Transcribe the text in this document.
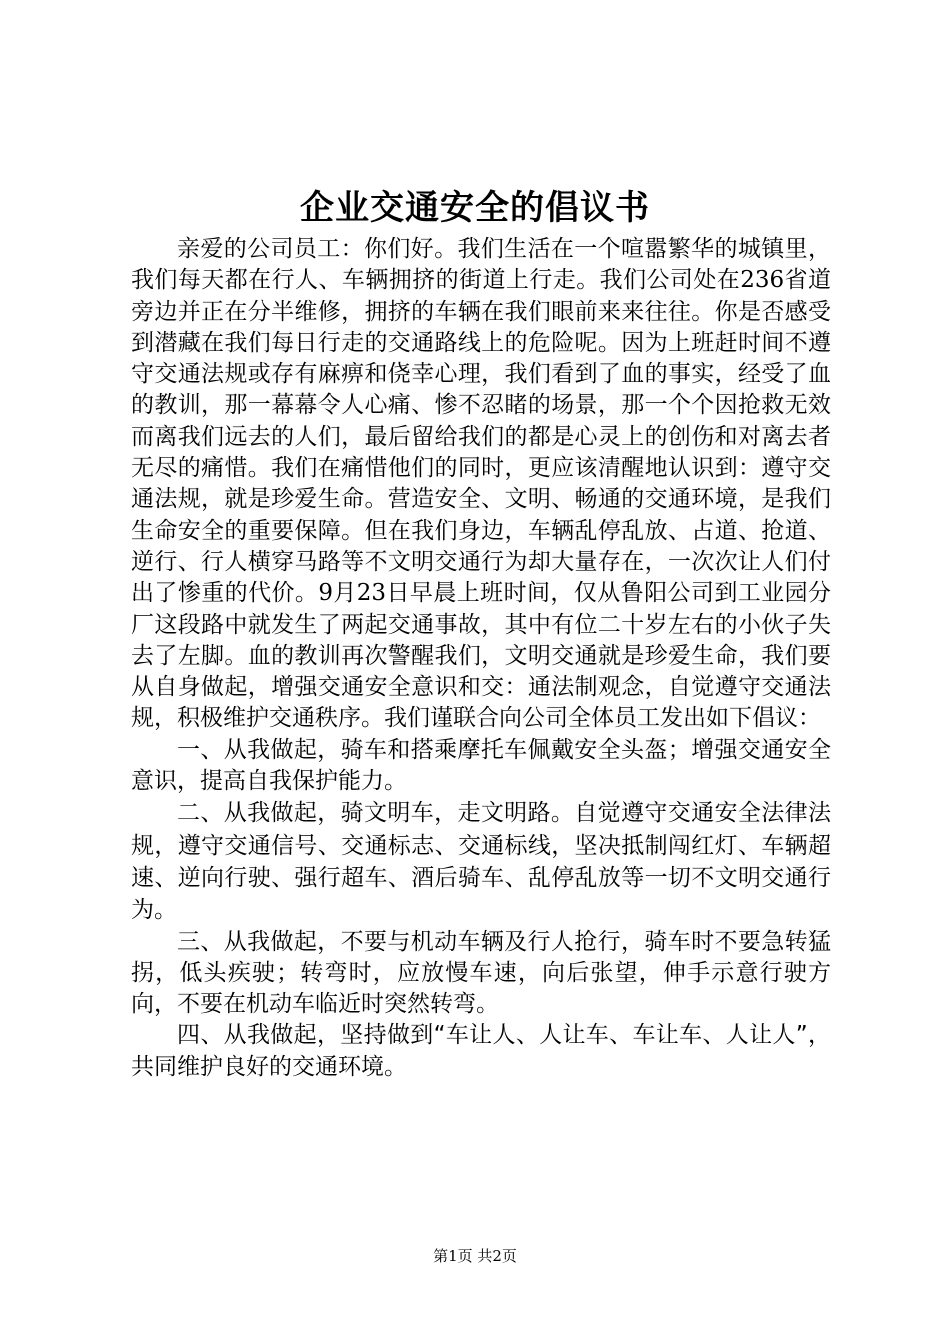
企业交通安全的倡议书

亲爱的公司员工：你们好。我们生活在一个喧嚣繁华的城镇里，我们每天都在行人、车辆拥挤的街道上行走。我们公司处在236省道旁边并正在分半维修，拥挤的车辆在我们眼前来来往往。你是否感受到潜藏在我们每日行走的交通路线上的危险呢。因为上班赶时间不遵守交通法规或存有麻痹和侥幸心理，我们看到了血的事实，经受了血的教训，那一幕幕令人心痛、惨不忍睹的场景，那一个个因抢救无效而离我们远去的人们，最后留给我们的都是心灵上的创伤和对离去者无尽的痛惜。我们在痛惜他们的同时，更应该清醒地认识到：遵守交通法规，就是珍爱生命。营造安全、文明、畅通的交通环境，是我们生命安全的重要保障。但在我们身边，车辆乱停乱放、占道、抢道、逆行、行人横穿马路等不文明交通行为却大量存在，一次次让人们付出了惨重的代价。9月23日早晨上班时间，仅从鲁阳公司到工业园分厂这段路中就发生了两起交通事故，其中有位二十岁左右的小伙子失去了左脚。血的教训再次警醒我们，文明交通就是珍爱生命，我们要从自身做起，增强交通安全意识和交：通法制观念，自觉遵守交通法规，积极维护交通秩序。我们谨联合向公司全体员工发出如下倡议：

一、从我做起，骑车和搭乘摩托车佩戴安全头盔；增强交通安全意识，提高自我保护能力。

二、从我做起，骑文明车，走文明路。自觉遵守交通安全法律法规，遵守交通信号、交通标志、交通标线，坚决抵制闯红灯、车辆超速、逆向行驶、强行超车、酒后骑车、乱停乱放等一切不文明交通行为。

三、从我做起，不要与机动车辆及行人抢行，骑车时不要急转猛拐，低头疾驶；转弯时，应放慢车速，向后张望，伸手示意行驶方向，不要在机动车临近时突然转弯。

四、从我做起，坚持做到“车让人、人让车、车让车、人让人”，共同维护良好的交通环境。

第1页 共2页
